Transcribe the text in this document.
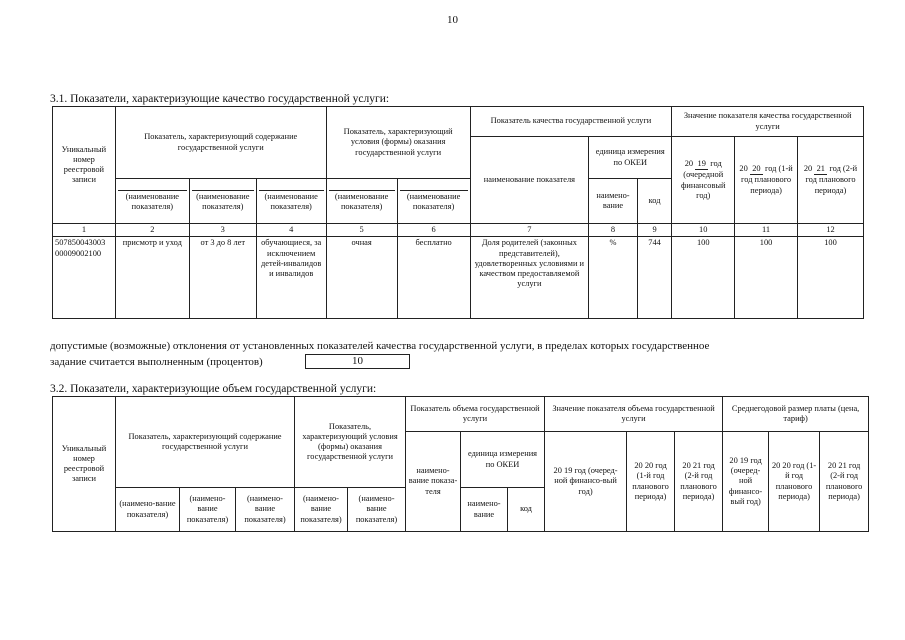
10
3.1. Показатели, характеризующие качество государственной услуги:
Уникальный номер реестровой записи	Показатель, характеризующий содержание государственной услуги			Показатель, характеризующий условия (формы) оказания государственной услуги		Показатель качества государственной услуги			Значение показателя качества государственной услуги		
						наименование показателя	единица измерения по ОКЕИ		20 19 год (очередной финансовый год)	20 20 год (1-й год планового периода)	20 21 год (2-й год планового периода)
	(наименование показателя)	(наименование показателя)	(наименование показателя)	(наименование показателя)	(наименование показателя)		наимено-вание	код			
1	2	3	4	5	6	7	8	9	10	11	12
507850043003 00009002100	присмотр и уход	от 3 до 8 лет	обучающиеся, за исключением детей-инвалидов и инвалидов	очная	бесплатно	Доля родителей (законных представителей), удовлетворенных условиями и качеством предоставляемой услуги	%	744	100	100	100
допустимые (возможные) отклонения от установленных показателей качества государственной услуги, в пределах которых государственное
задание считается выполненным (процентов)	10
3.2. Показатели, характеризующие объем государственной услуги:
Уникальный номер реестровой записи	Показатель, характеризующий содержание государственной услуги			Показатель, характеризующий условия (формы) оказания государственной услуги		Показатель объема государственной услуги			Значение показателя объема государственной услуги			Среднегодовой размер платы (цена, тариф)		
						наимено-вание показа-теля	единица измерения по ОКЕИ		20 19 год (очеред-ной финансо-вый год)	20 20 год (1-й год планового периода)	20 21 год (2-й год планового периода)	20 19 год (очеред-ной финансо-вый год)	20 20 год (1-й год планового периода)	20 21 год (2-й год планового периода)
	(наимено-вание показателя)	(наимено-вание показателя)	(наимено-вание показателя)	(наимено-вание показателя)	(наимено-вание показателя)		наимено-вание	код						
